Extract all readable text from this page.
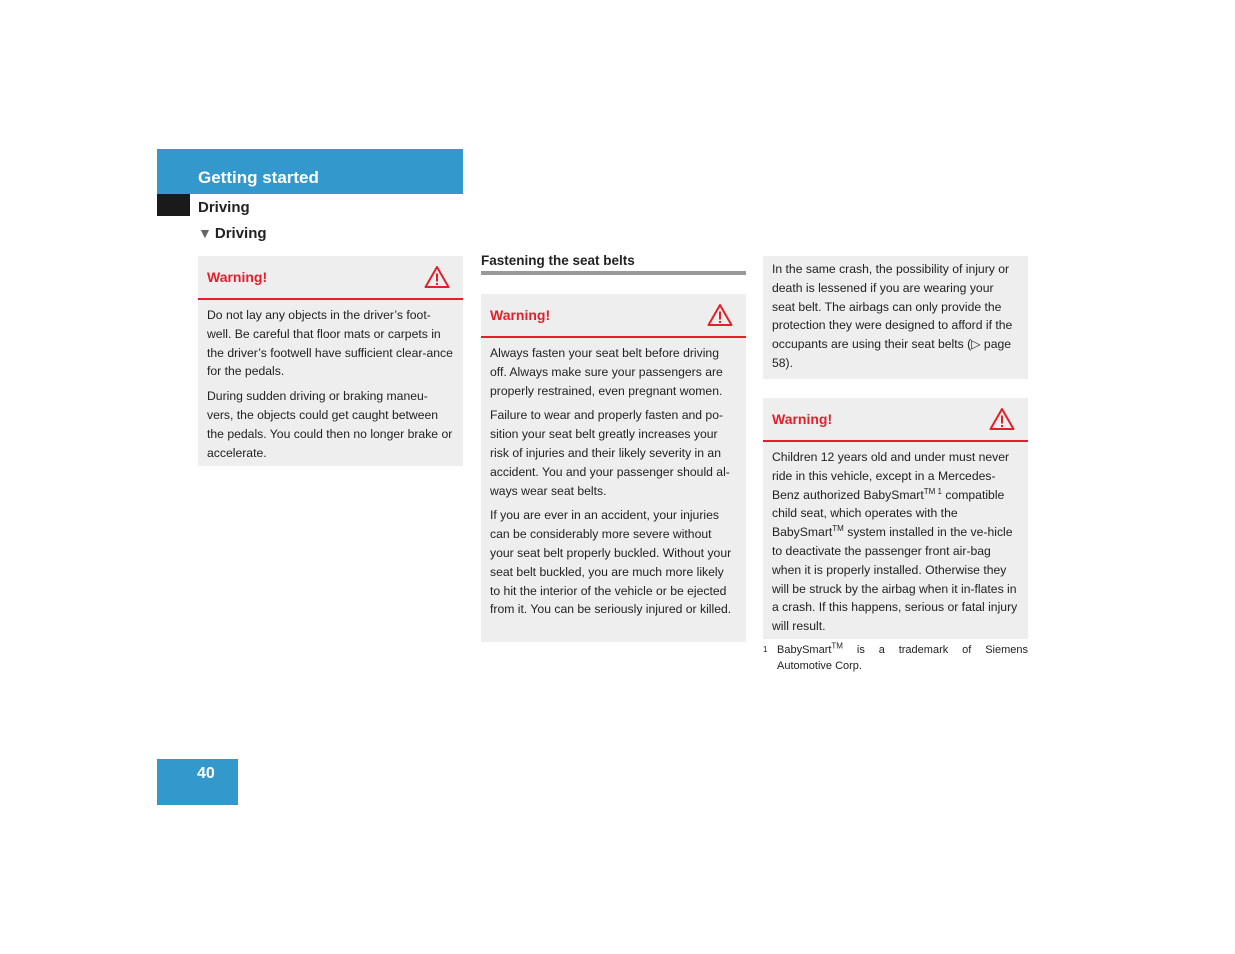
Getting started
Driving
▼ Driving
Warning!

Do not lay any objects in the driver’s foot-well. Be careful that floor mats or carpets in the driver’s footwell have sufficient clear-ance for the pedals.

During sudden driving or braking maneu-vers, the objects could get caught between the pedals. You could then no longer brake or accelerate.

Fastening the seat belts
Warning!

Always fasten your seat belt before driving off. Always make sure your passengers are properly restrained, even pregnant women.

Failure to wear and properly fasten and po-sition your seat belt greatly increases your risk of injuries and their likely severity in an accident. You and your passenger should al-ways wear seat belts.

If you are ever in an accident, your injuries can be considerably more severe without your seat belt properly buckled. Without your seat belt buckled, you are much more likely to hit the interior of the vehicle or be ejected from it. You can be seriously injured or killed.

In the same crash, the possibility of injury or death is lessened if you are wearing your seat belt. The airbags can only provide the protection they were designed to afford if the occupants are using their seat belts (▷ page 58).
Warning!

Children 12 years old and under must never ride in this vehicle, except in a Mercedes-Benz authorized BabySmart$^{TM 1}$ compatible child seat, which operates with the BabySmart™ system installed in the ve-hicle to deactivate the passenger front air-bag when it is properly installed. Otherwise they will be struck by the airbag when it in-flates in a crash. If this happens, serious or fatal injury will result.

1 BabySmart™ is a trademark of Siemens Automotive Corp.
40
